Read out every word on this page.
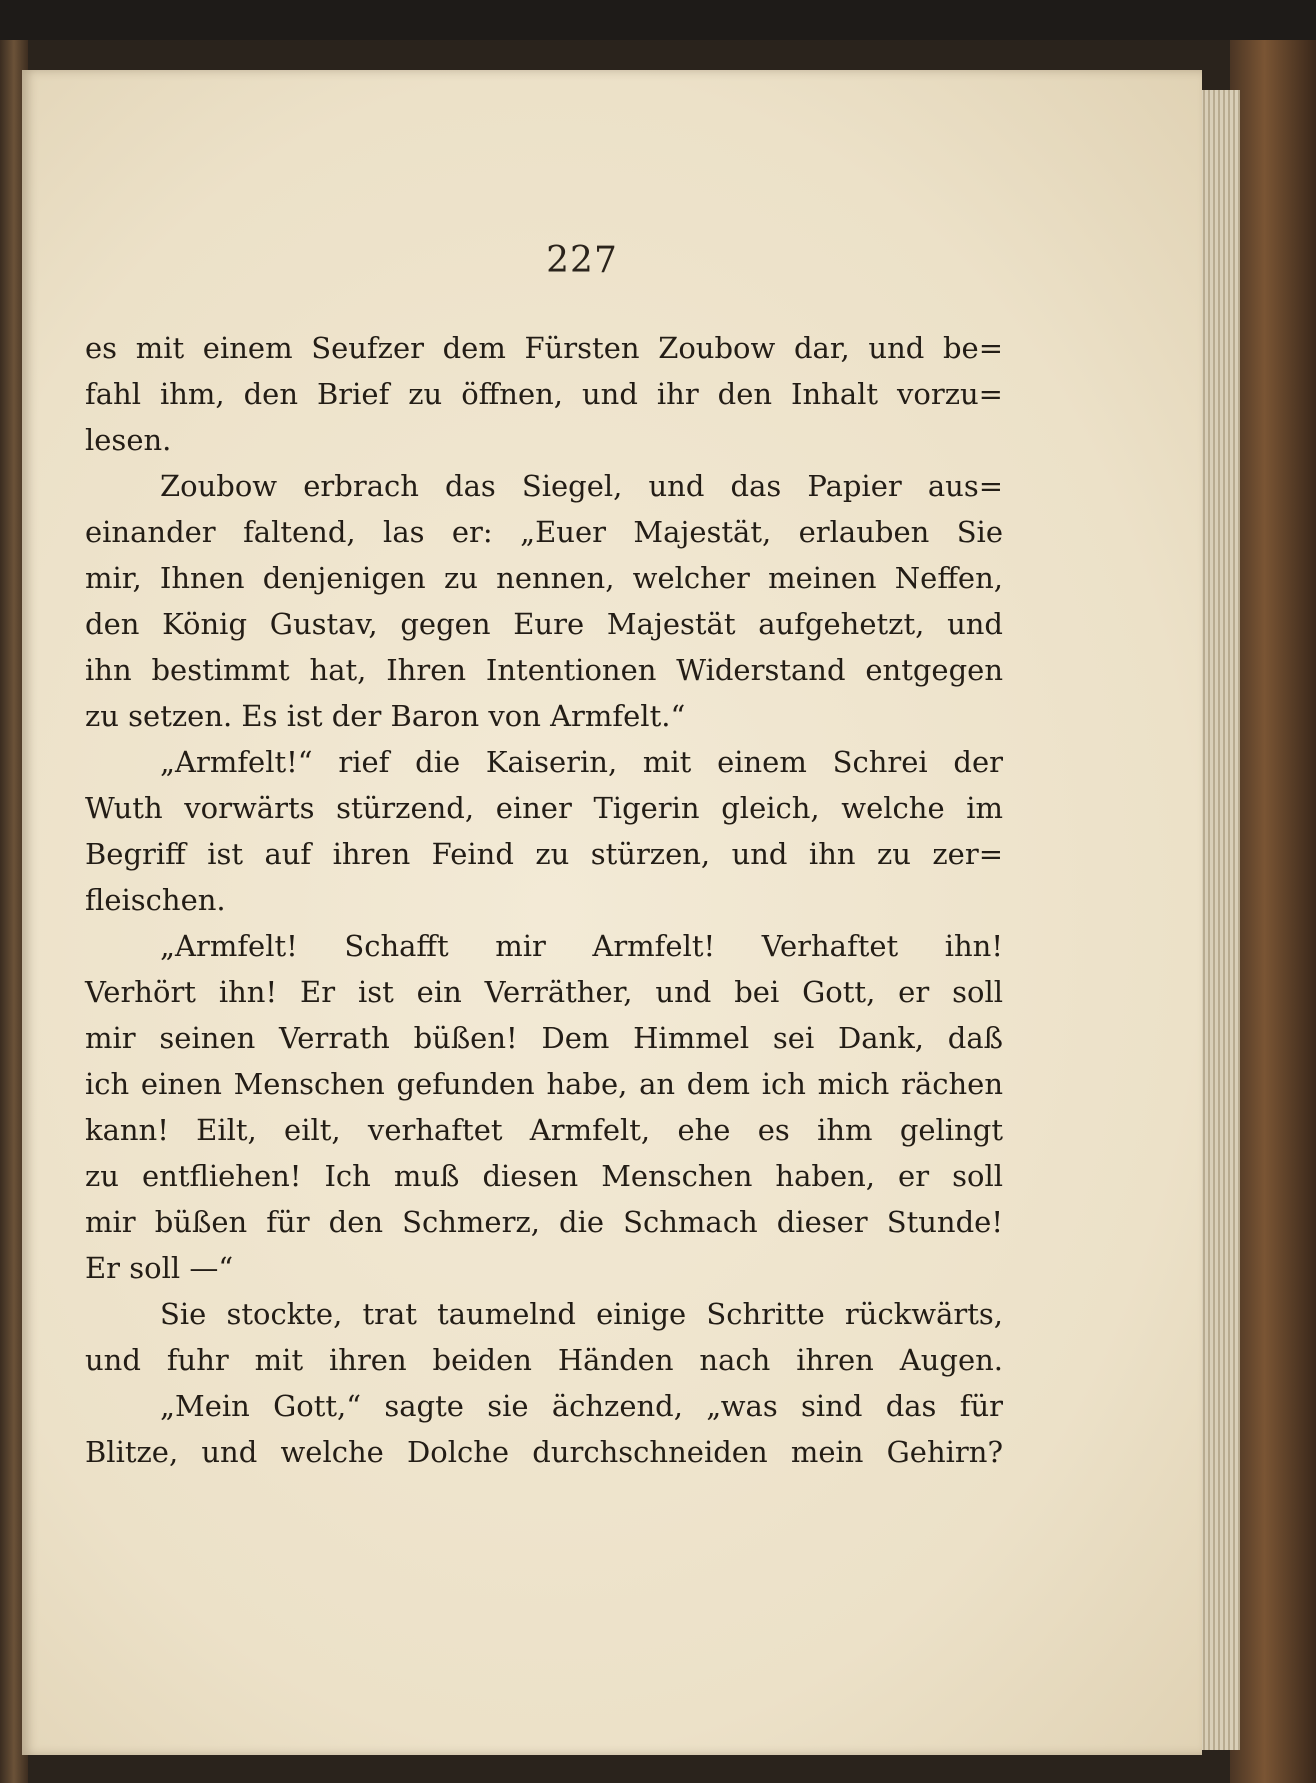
227
es mit einem Seufzer dem Fürsten Zoubow dar, und be=
fahl ihm, den Brief zu öffnen, und ihr den Inhalt vorzu=
lesen.
Zoubow erbrach das Siegel, und das Papier aus=
einander faltend, las er: „Euer Majestät, erlauben Sie
mir, Ihnen denjenigen zu nennen, welcher meinen Neffen,
den König Gustav, gegen Eure Majestät aufgehetzt, und
ihn bestimmt hat, Ihren Intentionen Widerstand entgegen
zu setzen. Es ist der Baron von Armfelt.“
„Armfelt!“ rief die Kaiserin, mit einem Schrei der
Wuth vorwärts stürzend, einer Tigerin gleich, welche im
Begriff ist auf ihren Feind zu stürzen, und ihn zu zer=
fleischen.
„Armfelt! Schafft mir Armfelt! Verhaftet ihn!
Verhört ihn! Er ist ein Verräther, und bei Gott, er soll
mir seinen Verrath büßen! Dem Himmel sei Dank, daß
ich einen Menschen gefunden habe, an dem ich mich rächen
kann! Eilt, eilt, verhaftet Armfelt, ehe es ihm gelingt
zu entfliehen! Ich muß diesen Menschen haben, er soll
mir büßen für den Schmerz, die Schmach dieser Stunde!
Er soll —“
Sie stockte, trat taumelnd einige Schritte rückwärts,
und fuhr mit ihren beiden Händen nach ihren Augen.
„Mein Gott,“ sagte sie ächzend, „was sind das für
Blitze, und welche Dolche durchschneiden mein Gehirn?
